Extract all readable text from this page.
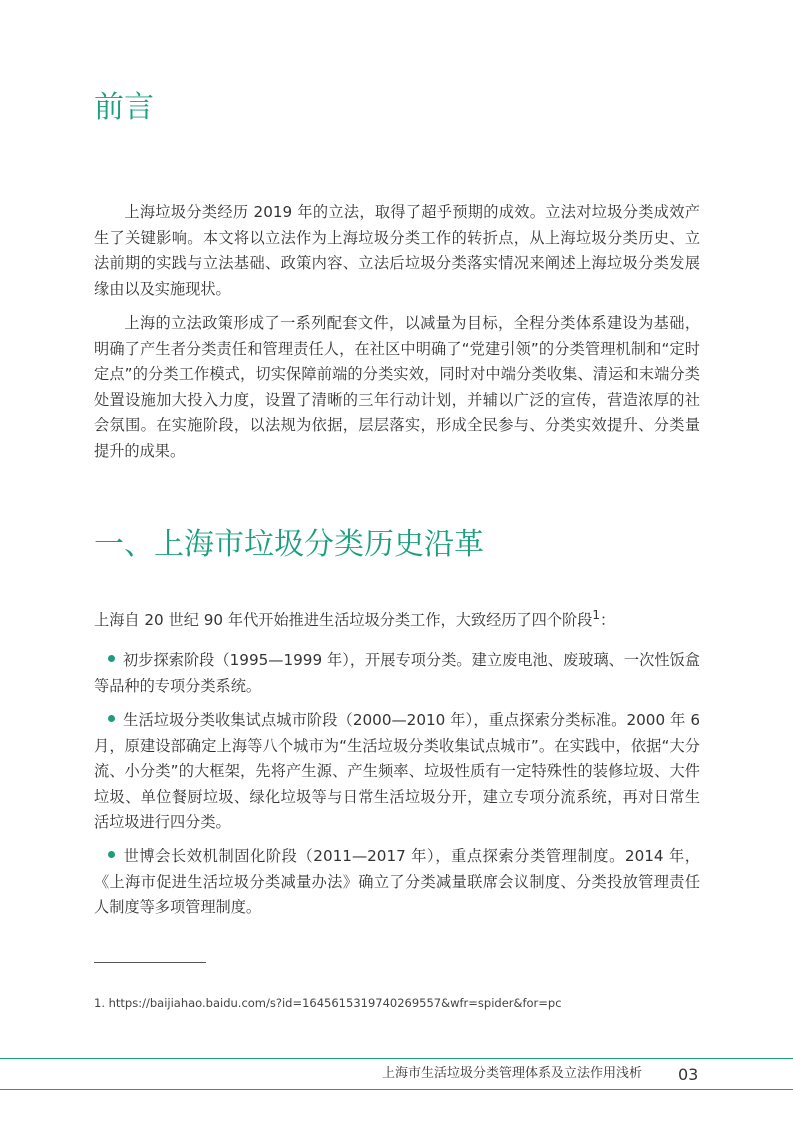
前言

上海垃圾分类经历 2019 年的立法，取得了超乎预期的成效。立法对垃圾分类成效产生了关键影响。本文将以立法作为上海垃圾分类工作的转折点，从上海垃圾分类历史、立法前期的实践与立法基础、政策内容、立法后垃圾分类落实情况来阐述上海垃圾分类发展缘由以及实施现状。

上海的立法政策形成了一系列配套文件，以减量为目标，全程分类体系建设为基础，明确了产生者分类责任和管理责任人，在社区中明确了“党建引领”的分类管理机制和“定时定点”的分类工作模式，切实保障前端的分类实效，同时对中端分类收集、清运和末端分类处置设施加大投入力度，设置了清晰的三年行动计划，并辅以广泛的宣传，营造浓厚的社会氛围。在实施阶段，以法规为依据，层层落实，形成全民参与、分类实效提升、分类量提升的成果。

一、上海市垃圾分类历史沿革

上海自 20 世纪 90 年代开始推进生活垃圾分类工作，大致经历了四个阶段$^1$：

初步探索阶段（1995—1999 年），开展专项分类。建立废电池、废玻璃、一次性饭盒等品种的专项分类系统。

生活垃圾分类收集试点城市阶段（2000—2010 年），重点探索分类标准。2000 年 6 月，原建设部确定上海等八个城市为“生活垃圾分类收集试点城市”。在实践中，依据“大分流、小分类”的大框架，先将产生源、产生频率、垃圾性质有一定特殊性的装修垃圾、大件垃圾、单位餐厨垃圾、绿化垃圾等与日常生活垃圾分开，建立专项分流系统，再对日常生活垃圾进行四分类。

世博会长效机制固化阶段（2011—2017 年），重点探索分类管理制度。2014 年，《上海市促进生活垃圾分类减量办法》确立了分类减量联席会议制度、分类投放管理责任人制度等多项管理制度。

1. https://baijiahao.baidu.com/s?id=1645615319740269557&wfr=spider&for=pc

上海市生活垃圾分类管理体系及立法作用浅析 03
